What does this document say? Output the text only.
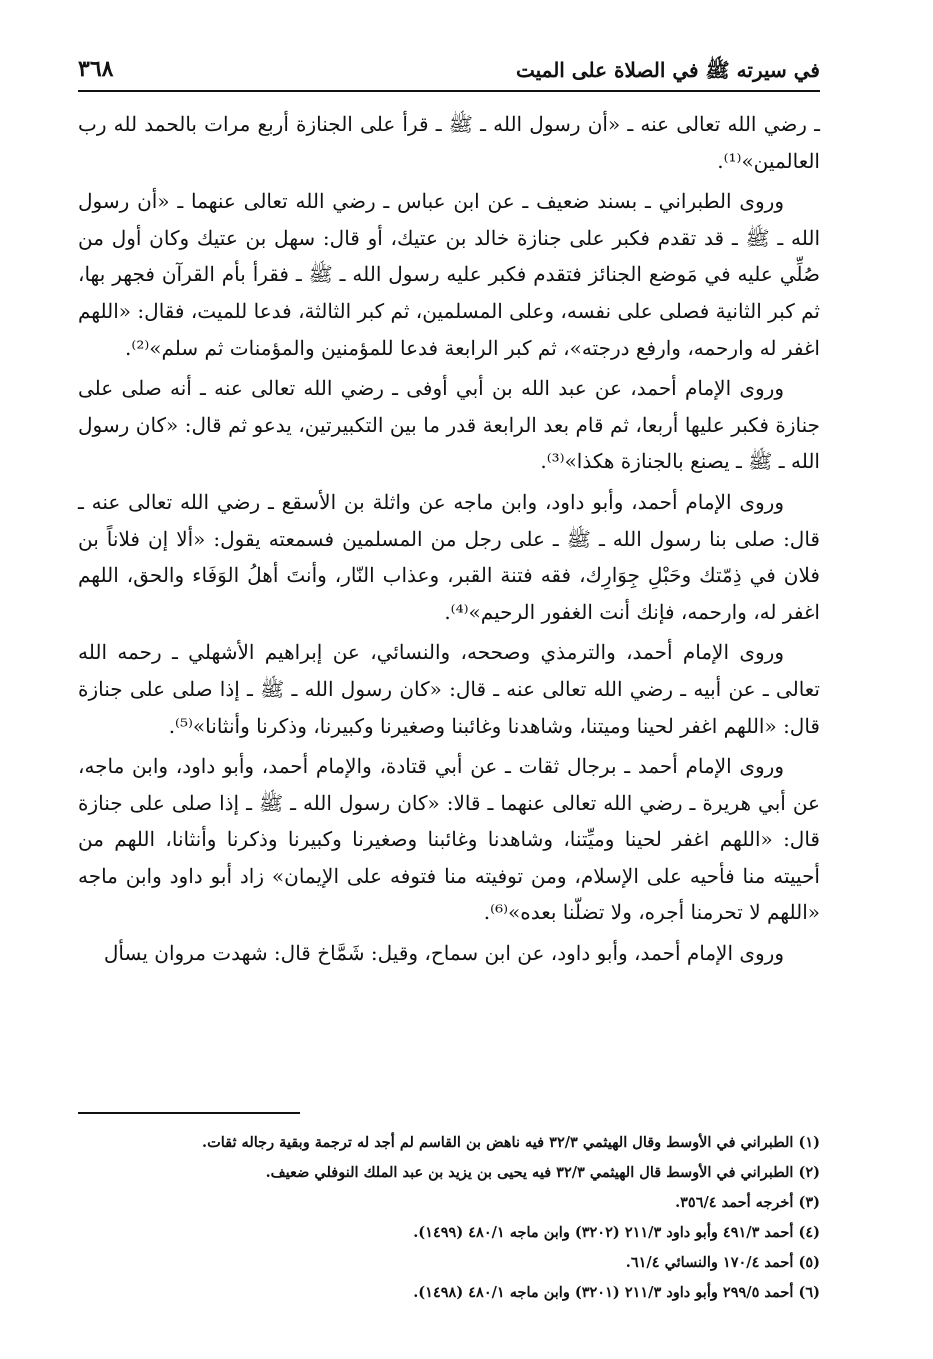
في سيرته ﷺ في الصلاة على الميت
٣٦٨

ـ رضي الله تعالى عنه ـ «أن رسول الله ـ ﷺ ـ قرأ على الجنازة أربع مرات بالحمد لله رب العالمين»⁽¹⁾.

وروى الطبراني ـ بسند ضعيف ـ عن ابن عباس ـ رضي الله تعالى عنهما ـ «أن رسول الله ـ ﷺ ـ قد تقدم فكبر على جنازة خالد بن عتيك، أو قال: سهل بن عتيك وكان أول من صُلِّي عليه في مَوضع الجنائز فتقدم فكبر عليه رسول الله ـ ﷺ ـ فقرأ بأم القرآن فجهر بها، ثم كبر الثانية فصلى على نفسه، وعلى المسلمين، ثم كبر الثالثة، فدعا للميت، فقال: «اللهم اغفر له وارحمه، وارفع درجته»، ثم كبر الرابعة فدعا للمؤمنين والمؤمنات ثم سلم»⁽²⁾.

وروى الإمام أحمد، عن عبد الله بن أبي أوفى ـ رضي الله تعالى عنه ـ أنه صلى على جنازة فكبر عليها أربعا، ثم قام بعد الرابعة قدر ما بين التكبيرتين، يدعو ثم قال: «كان رسول الله ـ ﷺ ـ يصنع بالجنازة هكذا»⁽³⁾.

وروى الإمام أحمد، وأبو داود، وابن ماجه عن واثلة بن الأسقع ـ رضي الله تعالى عنه ـ قال: صلى بنا رسول الله ـ ﷺ ـ على رجل من المسلمين فسمعته يقول: «ألا إن فلاناً بن فلان في ذِمّتك وحَبْلِ جِوَارِك، فقه فتنة القبر، وعذاب النّار، وأنتَ أهلُ الوَفَاء والحق، اللهم اغفر له، وارحمه، فإنك أنت الغفور الرحيم»⁽⁴⁾.

وروى الإمام أحمد، والترمذي وصححه، والنسائي، عن إبراهيم الأشهلي ـ رحمه الله تعالى ـ عن أبيه ـ رضي الله تعالى عنه ـ قال: «كان رسول الله ـ ﷺ ـ إذا صلى على جنازة قال: «اللهم اغفر لحينا وميتنا، وشاهدنا وغائبنا وصغيرنا وكبيرنا، وذكرنا وأنثانا»⁽⁵⁾.

وروى الإمام أحمد ـ برجال ثقات ـ عن أبي قتادة، والإمام أحمد، وأبو داود، وابن ماجه، عن أبي هريرة ـ رضي الله تعالى عنهما ـ قالا: «كان رسول الله ـ ﷺ ـ إذا صلى على جنازة قال: «اللهم اغفر لحينا وميِّتنا، وشاهدنا وغائبنا وصغيرنا وكبيرنا وذكرنا وأنثانا، اللهم من أحييته منا فأحيه على الإسلام، ومن توفيته منا فتوفه على الإيمان» زاد أبو داود وابن ماجه «اللهم لا تحرمنا أجره، ولا تضلّنا بعده»⁽⁶⁾.

وروى الإمام أحمد، وأبو داود، عن ابن سماح، وقيل: شَمَّاخ قال: شهدت مروان يسأل

(١) الطبراني في الأوسط وقال الهيثمي ٣٢/٣ فيه ناهض بن القاسم لم أجد له ترجمة وبقية رجاله ثقات.
(٢) الطبراني في الأوسط قال الهيثمي ٣٢/٣ فيه يحيى بن يزيد بن عبد الملك النوفلي ضعيف.
(٣) أخرجه أحمد ٣٥٦/٤.
(٤) أحمد ٤٩١/٣ وأبو داود ٢١١/٣ (٣٢٠٢) وابن ماجه ٤٨٠/١ (١٤٩٩).
(٥) أحمد ١٧٠/٤ والنسائي ٦١/٤.
(٦) أحمد ٢٩٩/٥ وأبو داود ٢١١/٣ (٣٢٠١) وابن ماجه ٤٨٠/١ (١٤٩٨).
